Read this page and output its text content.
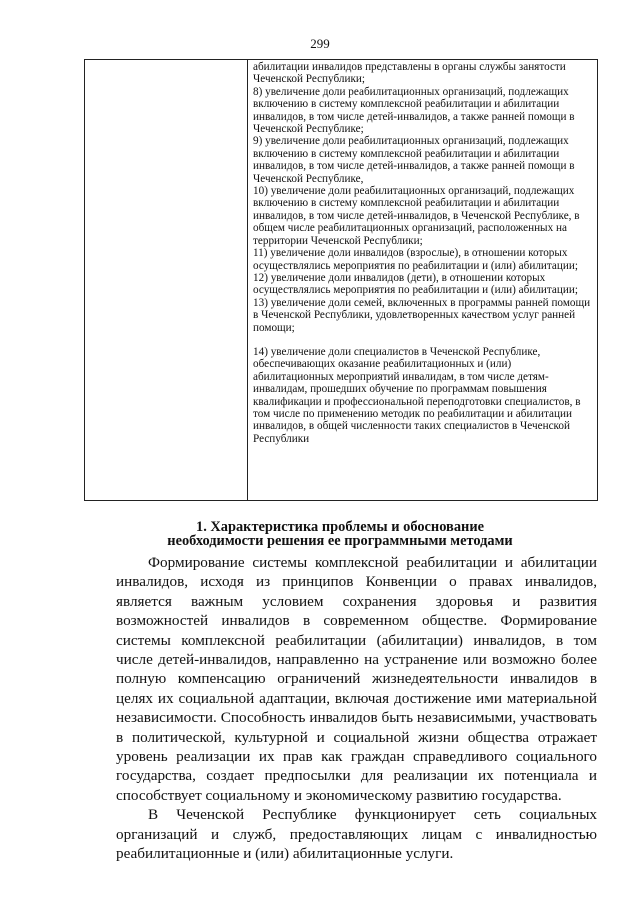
299

абилитации инвалидов представлены в органы службы занятости Чеченской Республики;

8) увеличение доли реабилитационных организаций, подлежащих включению в систему комплексной реабилитации и абилитации инвалидов, в том числе детей-инвалидов, а также ранней помощи в Чеченской Республике;

9) увеличение доли реабилитационных организаций, подлежащих включению в систему комплексной реабилитации и абилитации инвалидов, в том числе детей-инвалидов, а также ранней помощи в Чеченской Республике,

10) увеличение доли реабилитационных организаций, подлежащих включению в систему комплексной реабилитации и абилитации инвалидов, в том числе детей-инвалидов, в Чеченской Республике, в общем числе реабилитационных организаций, расположенных на территории Чеченской Республики;

11) увеличение доли инвалидов (взрослые), в отношении которых осуществлялись мероприятия по реабилитации и (или) абилитации;

12) увеличение доли инвалидов (дети), в отношении которых осуществлялись мероприятия по реабилитации и (или) абилитации;

13) увеличение доли семей, включенных в программы ранней помощи в Чеченской Республики, удовлетворенных качеством услуг ранней помощи;

14) увеличение доли специалистов в Чеченской Республике, обеспечивающих оказание реабилитационных и (или) абилитационных мероприятий инвалидам, в том числе детям-инвалидам, прошедших обучение по программам повышения квалификации и профессиональной переподготовки специалистов, в том числе по применению методик по реабилитации и абилитации инвалидов, в общей численности таких специалистов в Чеченской Республики

1. Характеристика проблемы и обоснование
необходимости решения ее программными методами

Формирование системы комплексной реабилитации и абилитации инвалидов, исходя из принципов Конвенции о правах инвалидов, является важным условием сохранения здоровья и развития возможностей инвалидов в современном обществе. Формирование системы комплексной реабилитации (абилитации) инвалидов, в том числе детей-инвалидов, направленно на устранение или возможно более полную компенсацию ограничений жизнедеятельности инвалидов в целях их социальной адаптации, включая достижение ими материальной независимости. Способность инвалидов быть независимыми, участвовать в политической, культурной и социальной жизни общества отражает уровень реализации их прав как граждан справедливого социального государства, создает предпосылки для реализации их потенциала и способствует социальному и экономическому развитию государства.

В Чеченской Республике функционирует сеть социальных организаций и служб, предоставляющих лицам с инвалидностью реабилитационные и (или) абилитационные услуги.
